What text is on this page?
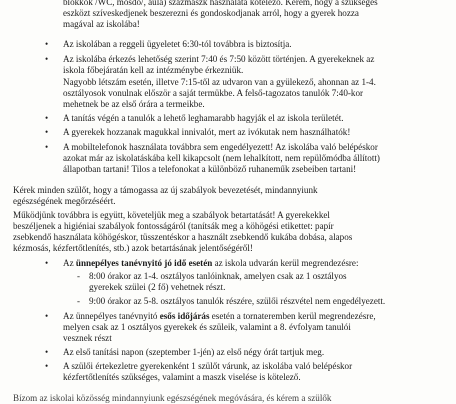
blokkok /WC, mosdó/, aula) százmaszk használata kötelező. Kérem, hogy a szükséges
eszközt szíveskedjenek beszerezni és gondoskodjanak arról, hogy a gyerek hozza
magával az iskolába!
• Az iskolában a reggeli ügyeletet 6:30-tól továbbra is biztosítja.
• Az iskolába érkezés lehetőség szerint 7:40 és 7:50 között történjen. A gyerekeknek az
iskola főbejáratán kell az intézménybe érkezniük.
Nagyobb létszám esetén, illetve 7:15-től az udvaron van a gyülekező, ahonnan az 1-4.
osztályosok vonulnak először a saját termükbe. A felső-tagozatos tanulók 7:40-kor
mehetnek be az első órára a termeikbe.
• A tanítás végén a tanulók a lehető leghamarabb hagyják el az iskola területét.
• A gyerekek hozzanak magukkal innivalót, mert az ivókutak nem használhatók!
• A mobiltelefonok használata továbbra sem engedélyezett! Az iskolába való belépéskor
azokat már az iskolatáskába kell kikapcsolt (nem lehalkított, nem repülőmódba állított)
állapotban tartani! Tilos a telefonokat a különböző ruhaneműk zsebeiben tartani!
Kérek minden szülőt, hogy a támogassa az új szabályok bevezetését, mindannyiunk
egészségének megőrzéséért.
Működjünk továbbra is együtt, követeljük meg a szabályok betartatását! A gyerekekkel
beszéljenek a higiéniai szabályok fontosságáról (tanítsák meg a köhögési etikettet: papír
zsebkendő használata köhögéskor, tüsszentéskor a használt zsebkendő kukába dobása, alapos
kézmosás, kézfertőtlenítés, stb.) azok betartásának jelentőségéről!
• Az ünnepélyes tanévnyitó jó idő esetén az iskola udvarán kerül megrendezésre:
- 8:00 órakor az 1-4. osztályos tanlóinknak, amelyen csak az 1 osztályos
gyerekek szülei (2 fő) vehetnek részt.
- 9:00 órakor az 5-8. osztályos tanulók részére, szülői részvétel nem engedélyezett.
• Az ünnepélyes tanévnyitó esős időjárás esetén a tornateremben kerül megrendezésre,
melyen csak az 1 osztályos gyerekek és szüleik, valamint a 8. évfolyam tanulói
vesznek részt
• Az első tanítási napon (szeptember 1-jén) az első négy órát tartjuk meg.
• A szülői értekezletre gyerekenként 1 szülőt várunk, az iskolába való belépéskor
kézfertőtlenítés szükséges, valamint a maszk viselése is kötelező.
Bízom az iskolai közösség mindannyiunk egészségének megóvására, és kérem a szülők
